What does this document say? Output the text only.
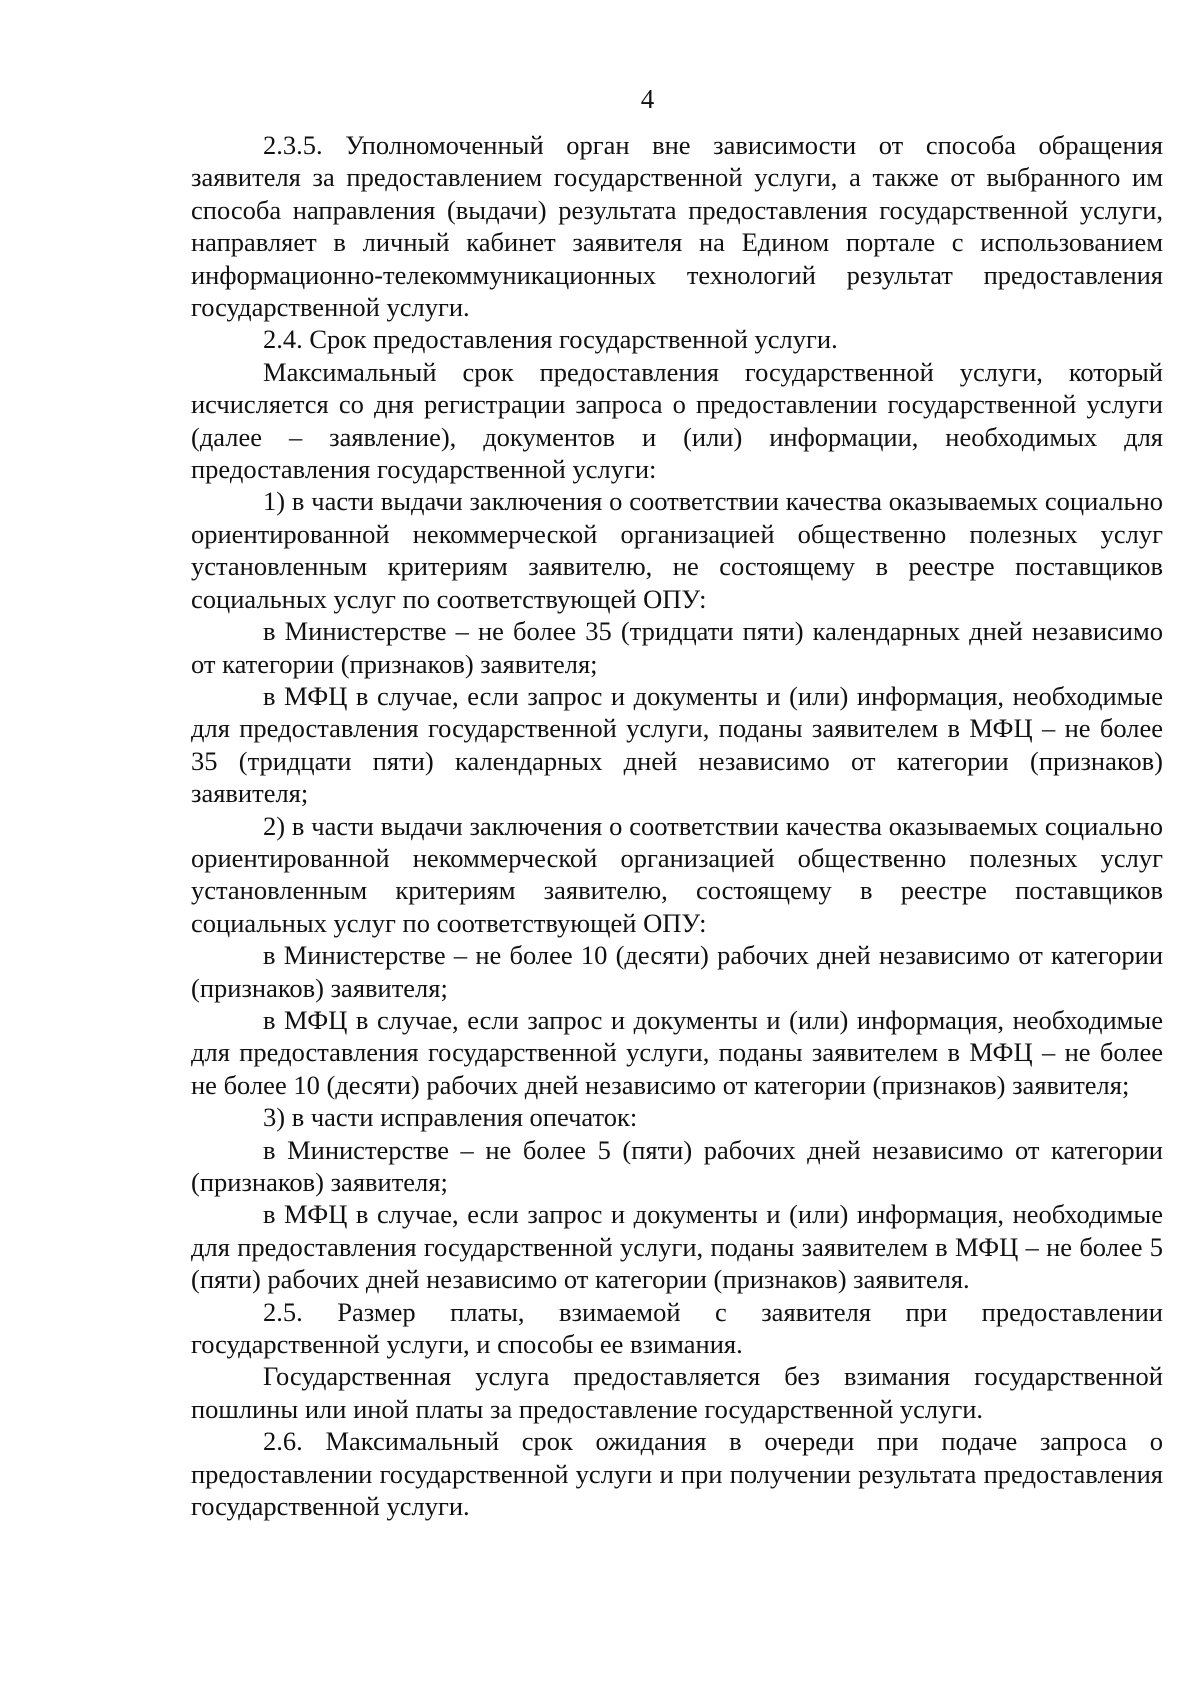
4

2.3.5. Уполномоченный орган вне зависимости от способа обращения заявителя за предоставлением государственной услуги, а также от выбранного им способа направления (выдачи) результата предоставления государственной услуги, направляет в личный кабинет заявителя на Едином портале с использованием информационно-телекоммуникационных технологий результат предоставления государственной услуги.

2.4. Срок предоставления государственной услуги.

Максимальный срок предоставления государственной услуги, который исчисляется со дня регистрации запроса о предоставлении государственной услуги (далее – заявление), документов и (или) информации, необходимых для предоставления государственной услуги:

1) в части выдачи заключения о соответствии качества оказываемых социально ориентированной некоммерческой организацией общественно полезных услуг установленным критериям заявителю, не состоящему в реестре поставщиков социальных услуг по соответствующей ОПУ:

в Министерстве – не более 35 (тридцати пяти) календарных дней независимо от категории (признаков) заявителя;

в МФЦ в случае, если запрос и документы и (или) информация, необходимые для предоставления государственной услуги, поданы заявителем в МФЦ – не более 35 (тридцати пяти) календарных дней независимо от категории (признаков) заявителя;

2) в части выдачи заключения о соответствии качества оказываемых социально ориентированной некоммерческой организацией общественно полезных услуг установленным критериям заявителю, состоящему в реестре поставщиков социальных услуг по соответствующей ОПУ:

в Министерстве – не более 10 (десяти) рабочих дней независимо от категории (признаков) заявителя;

в МФЦ в случае, если запрос и документы и (или) информация, необходимые для предоставления государственной услуги, поданы заявителем в МФЦ – не более не более 10 (десяти) рабочих дней независимо от категории (признаков) заявителя;

3) в части исправления опечаток:

в Министерстве – не более 5 (пяти) рабочих дней независимо от категории (признаков) заявителя;

в МФЦ в случае, если запрос и документы и (или) информация, необходимые для предоставления государственной услуги, поданы заявителем в МФЦ – не более 5 (пяти) рабочих дней независимо от категории (признаков) заявителя.

2.5. Размер платы, взимаемой с заявителя при предоставлении государственной услуги, и способы ее взимания.

Государственная услуга предоставляется без взимания государственной пошлины или иной платы за предоставление государственной услуги.

2.6. Максимальный срок ожидания в очереди при подаче запроса о предоставлении государственной услуги и при получении результата предоставления государственной услуги.
